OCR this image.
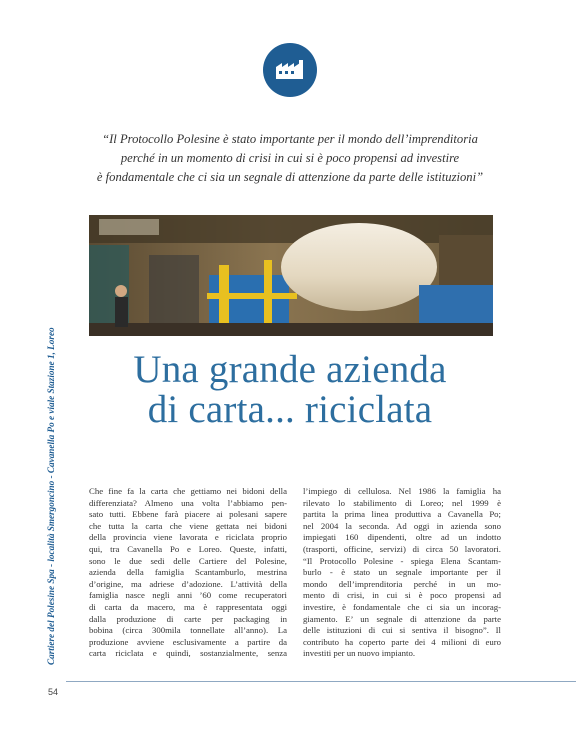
“Il Protocollo Polesine è stato importante per il mondo dell’imprenditoria
perché in un momento di crisi in cui si è poco propensi ad investire
è fondamentale che ci sia un segnale di attenzione da parte delle istituzioni”

Cartiere del Polesine Spa - località Smergoncino - Cavanella Po e viale Stazione 1, Loreo	Una grande azienda
di carta... riciclata

Che fine fa la carta che gettiamo nei bidoni della
differenziata? Almeno una volta l’abbiamo pen-
sato tutti. Ebbene farà piacere ai polesani sapere
che tutta la carta che viene gettata nei bidoni
della provincia viene lavorata e riciclata proprio
qui, tra Cavanella Po e Loreo. Queste, infatti,
sono le due sedi delle Cartiere del Polesine,
azienda della famiglia Scantamburlo, mestrina
d’origine, ma adriese d’adozione. L’attività della
famiglia nasce negli anni ’60 come recuperatori
di carta da macero, ma è rappresentata oggi
dalla produzione di carte per packaging in
bobina (circa 300mila tonnellate all’anno). La
produzione avviene esclusivamente a partire da
carta riciclata e quindi, sostanzialmente, senza

l’impiego di cellulosa. Nel 1986 la famiglia ha
rilevato lo stabilimento di Loreo; nel 1999 è
partita la prima linea produttiva a Cavanella Po;
nel 2004 la seconda. Ad oggi in azienda sono
impiegati 160 dipendenti, oltre ad un indotto
(trasporti, officine, servizi) di circa 50 lavoratori.
“Il Protocollo Polesine - spiega Elena Scantam-
burlo - è stato un segnale importante per il
mondo dell’imprenditoria perché in un mo-
mento di crisi, in cui si è poco propensi ad
investire, è fondamentale che ci sia un incorag-
giamento. E’ un segnale di attenzione da parte
delle istituzioni di cui si sentiva il bisogno”. Il
contributo ha coperto parte dei 4 milioni di euro
investiti per un nuovo impianto.

54
